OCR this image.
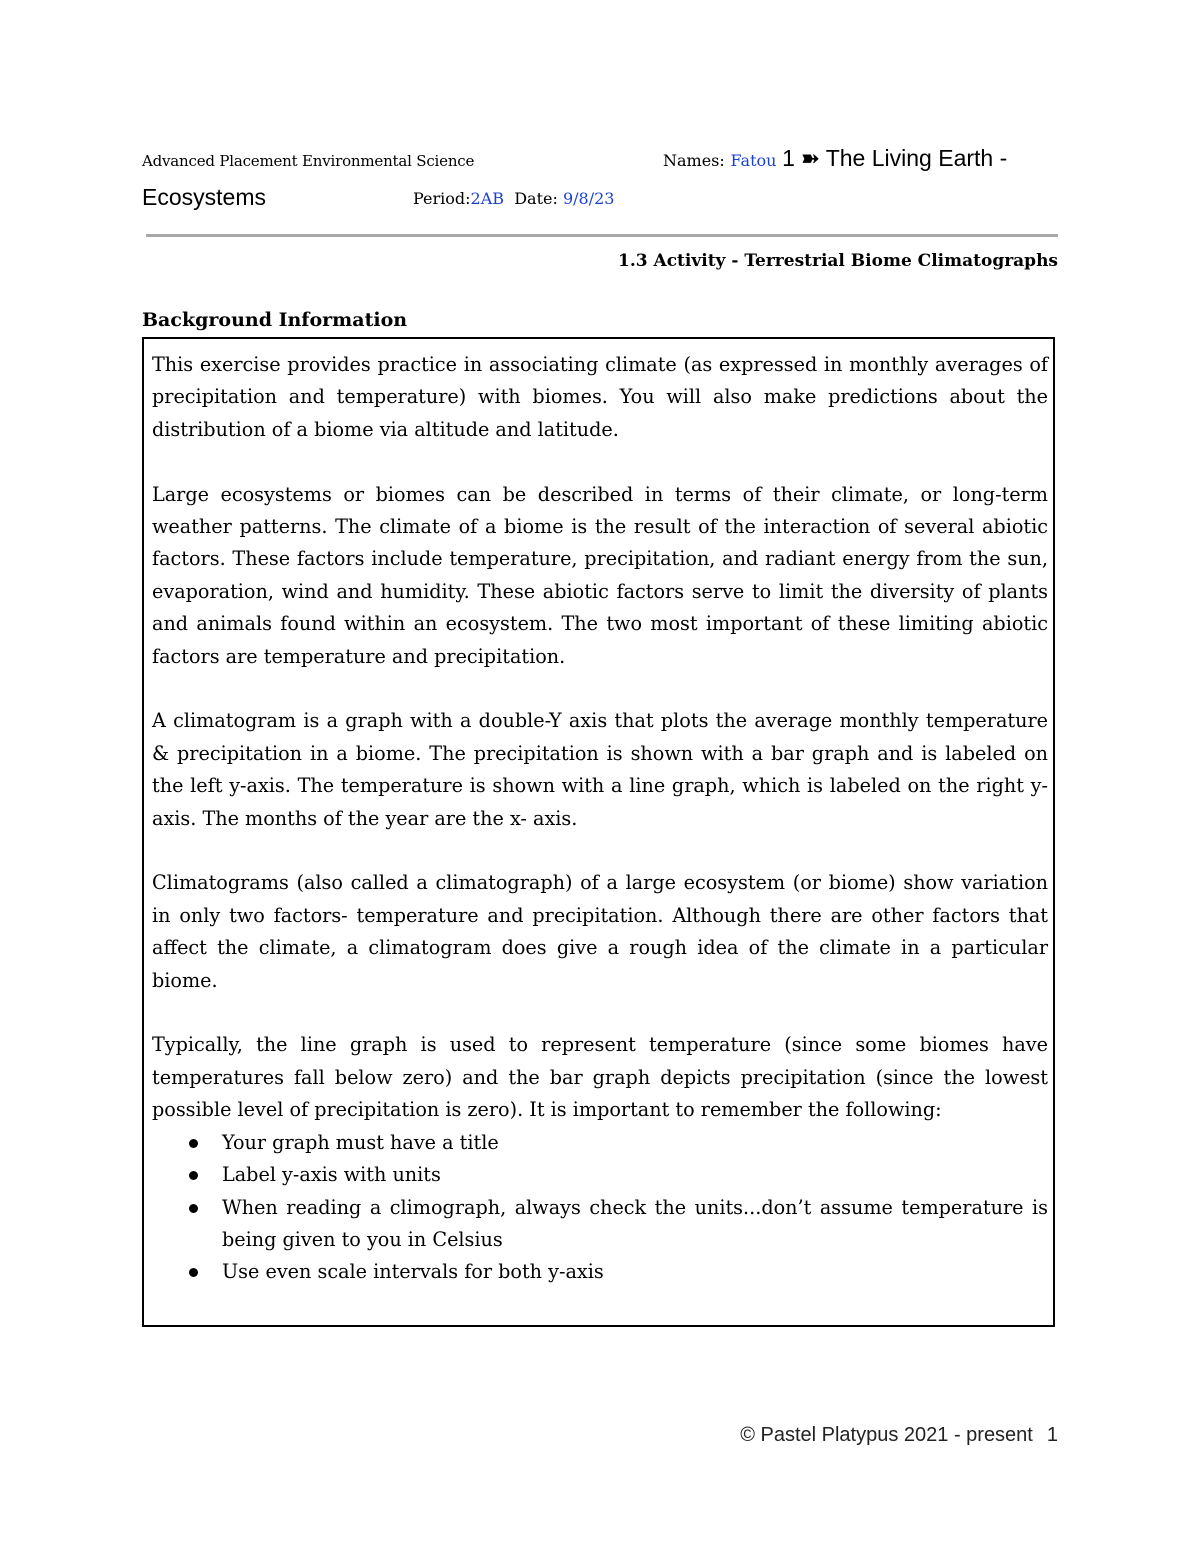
Advanced Placement Environmental Science	Names: Fatou 1 ➽ The Living Earth -
Ecosystems	Period:2AB Date: 9/8/23
1.3 Activity - Terrestrial Biome Climatographs
Background Information

This exercise provides practice in associating climate (as expressed in monthly averages of precipitation and temperature) with biomes. You will also make predictions about the distribution of a biome via altitude and latitude.

Large ecosystems or biomes can be described in terms of their climate, or long-term weather patterns. The climate of a biome is the result of the interaction of several abiotic factors. These factors include temperature, precipitation, and radiant energy from the sun, evaporation, wind and humidity. These abiotic factors serve to limit the diversity of plants and animals found within an ecosystem. The two most important of these limiting abiotic factors are temperature and precipitation.

A climatogram is a graph with a double-Y axis that plots the average monthly temperature & precipitation in a biome. The precipitation is shown with a bar graph and is labeled on the left y-axis. The temperature is shown with a line graph, which is labeled on the right y-axis. The months of the year are the x- axis.

Climatograms (also called a climatograph) of a large ecosystem (or biome) show variation in only two factors- temperature and precipitation. Although there are other factors that affect the climate, a climatogram does give a rough idea of the climate in a particular biome.

Typically, the line graph is used to represent temperature (since some biomes have temperatures fall below zero) and the bar graph depicts precipitation (since the lowest possible level of precipitation is zero). It is important to remember the following:

Your graph must have a title
Label y-axis with units
When reading a climograph, always check the units...don’t assume temperature is being given to you in Celsius
Use even scale intervals for both y-axis
© Pastel Platypus 2021 - present 1
